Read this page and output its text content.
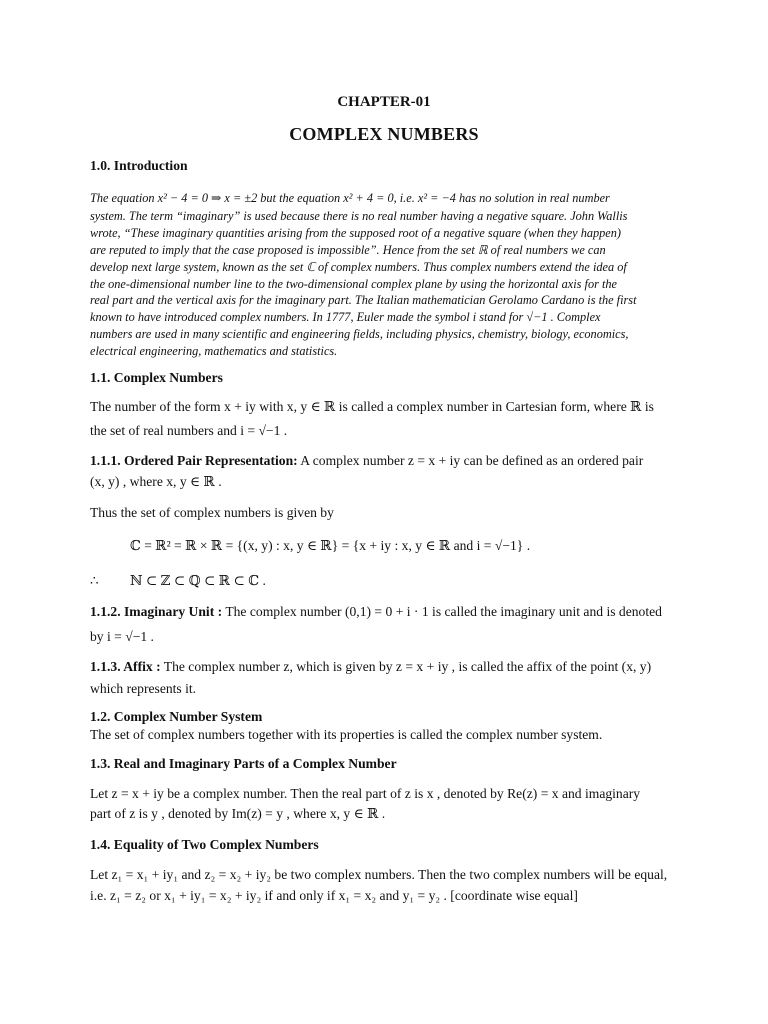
CHAPTER-01
COMPLEX NUMBERS
1.0. Introduction
The equation x² − 4 = 0 ⇒ x = ±2 but the equation x² + 4 = 0, i.e. x² = −4 has no solution in real number
system. The term “imaginary” is used because there is no real number having a negative square. John Wallis
wrote, “These imaginary quantities arising from the supposed root of a negative square (when they happen)
are reputed to imply that the case proposed is impossible”. Hence from the set ℝ of real numbers we can
develop next large system, known as the set ℂ of complex numbers. Thus complex numbers extend the idea of
the one-dimensional number line to the two-dimensional complex plane by using the horizontal axis for the
real part and the vertical axis for the imaginary part. The Italian mathematician Gerolamo Cardano is the first
known to have introduced complex numbers. In 1777, Euler made the symbol i stand for √−1 . Complex
numbers are used in many scientific and engineering fields, including physics, chemistry, biology, economics,
electrical engineering, mathematics and statistics.
1.1. Complex Numbers
The number of the form x + iy with x, y ∈ ℝ is called a complex number in Cartesian form, where ℝ is
the set of real numbers and i = √−1 .
1.1.1. Ordered Pair Representation: A complex number z = x + iy can be defined as an ordered pair
(x, y) , where x, y ∈ ℝ .
Thus the set of complex numbers is given by
ℂ = ℝ² = ℝ × ℝ = {(x, y) : x, y ∈ ℝ} = {x + iy : x, y ∈ ℝ and i = √−1} .
∴ ℕ ⊂ ℤ ⊂ ℚ ⊂ ℝ ⊂ ℂ .
1.1.2. Imaginary Unit : The complex number (0,1) = 0 + i · 1 is called the imaginary unit and is denoted
by i = √−1 .
1.1.3. Affix : The complex number z, which is given by z = x + iy , is called the affix of the point (x, y)
which represents it.
1.2. Complex Number System
The set of complex numbers together with its properties is called the complex number system.
1.3. Real and Imaginary Parts of a Complex Number
Let z = x + iy be a complex number. Then the real part of z is x , denoted by Re(z) = x and imaginary
part of z is y , denoted by Im(z) = y , where x, y ∈ ℝ .
1.4. Equality of Two Complex Numbers
Let z₁ = x₁ + iy₁ and z₂ = x₂ + iy₂ be two complex numbers. Then the two complex numbers will be equal,
i.e. z₁ = z₂ or x₁ + iy₁ = x₂ + iy₂ if and only if x₁ = x₂ and y₁ = y₂ . [coordinate wise equal]
